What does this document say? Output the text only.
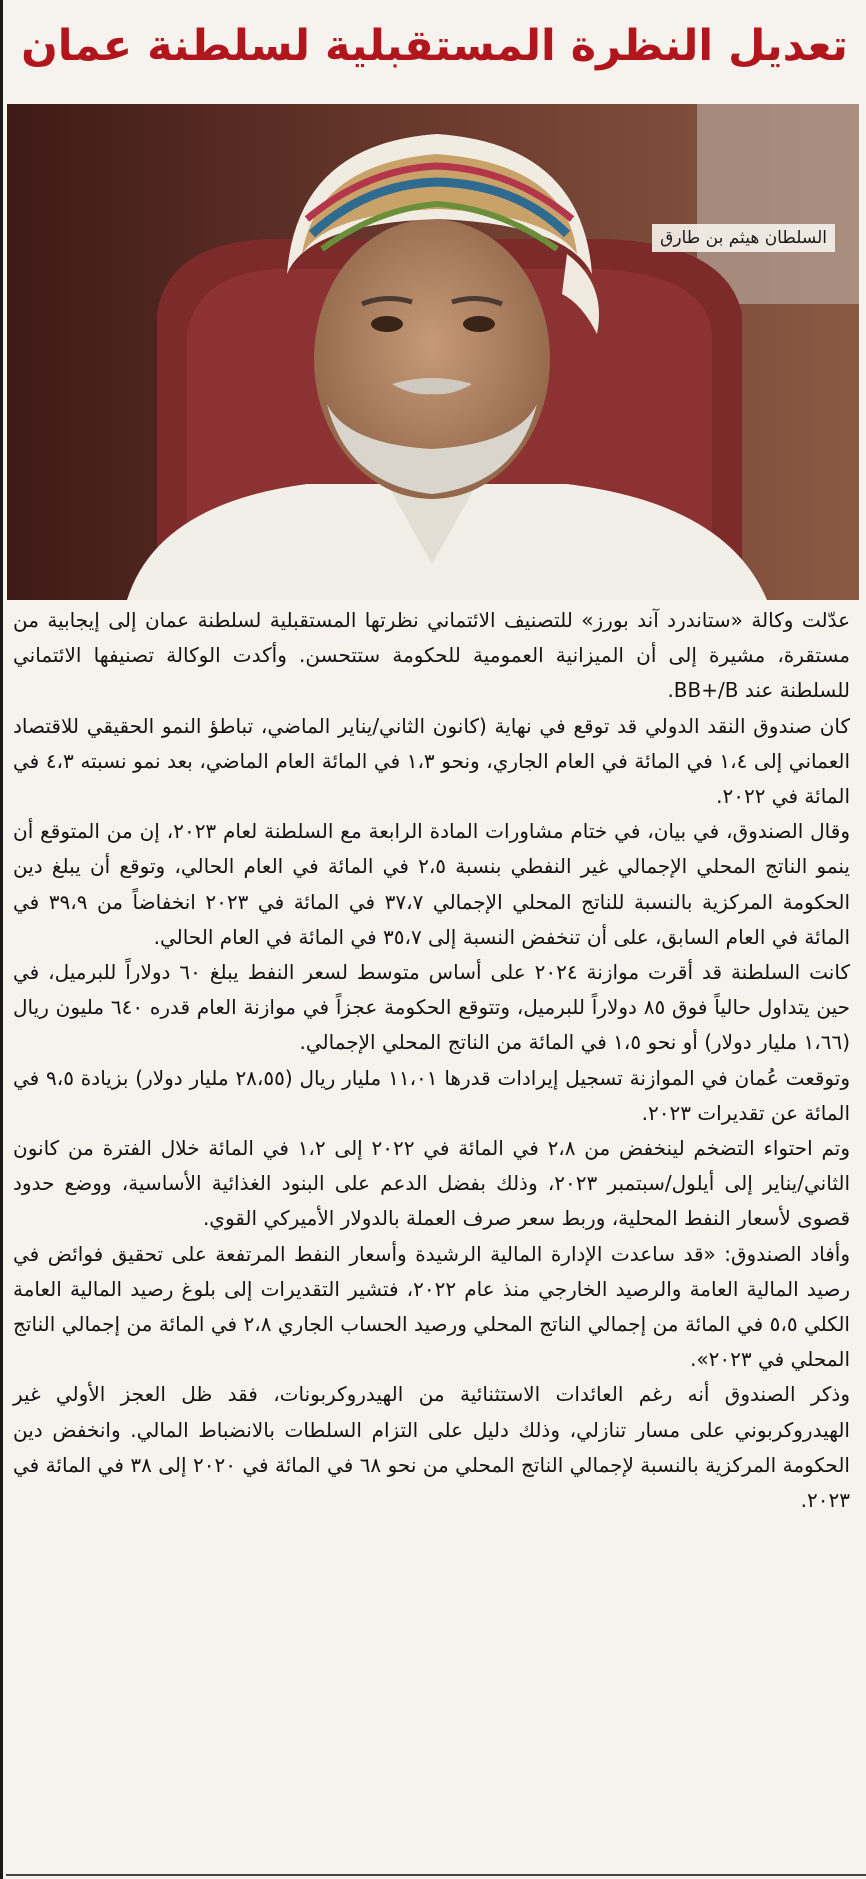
تعديل النظرة المستقبلية لسلطنة عمان
السلطان هيثم بن طارق

عدّلت وكالة «ستاندرد آند بورز» للتصنيف الائتماني نظرتها المستقبلية لسلطنة عمان إلى إيجابية من مستقرة، مشيرة إلى أن الميزانية العمومية للحكومة ستتحسن. وأكدت الوكالة تصنيفها الائتماني للسلطنة عند BB+/B.

كان صندوق النقد الدولي قد توقع في نهاية (كانون الثاني/يناير الماضي، تباطؤ النمو الحقيقي للاقتصاد العماني إلى ١،٤ في المائة في العام الجاري، ونحو ١،٣ في المائة العام الماضي، بعد نمو نسبته ٤،٣ في المائة في ٢٠٢٢.

وقال الصندوق، في بيان، في ختام مشاورات المادة الرابعة مع السلطنة لعام ٢٠٢٣، إن من المتوقع أن ينمو الناتج المحلي الإجمالي غير النفطي بنسبة ٢،٥ في المائة في العام الحالي، وتوقع أن يبلغ دين الحكومة المركزية بالنسبة للناتج المحلي الإجمالي ٣٧،٧ في المائة في ٢٠٢٣ انخفاضاً من ٣٩،٩ في المائة في العام السابق، على أن تنخفض النسبة إلى ٣٥،٧ في المائة في العام الحالي.

كانت السلطنة قد أقرت موازنة ٢٠٢٤ على أساس متوسط لسعر النفط يبلغ ٦٠ دولاراً للبرميل، في حين يتداول حالياً فوق ٨٥ دولاراً للبرميل، وتتوقع الحكومة عجزاً في موازنة العام قدره ٦٤٠ مليون ريال (١،٦٦ مليار دولار) أو نحو ١،٥ في المائة من الناتج المحلي الإجمالي.

وتوقعت عُمان في الموازنة تسجيل إيرادات قدرها ١١،٠١ مليار ريال (٢٨،٥٥ مليار دولار) بزيادة ٩،٥ في المائة عن تقديرات ٢٠٢٣.

وتم احتواء التضخم لينخفض من ٢،٨ في المائة في ٢٠٢٢ إلى ١،٢ في المائة خلال الفترة من كانون الثاني/يناير إلى أيلول/سبتمبر ٢٠٢٣، وذلك بفضل الدعم على البنود الغذائية الأساسية، ووضع حدود قصوى لأسعار النفط المحلية، وربط سعر صرف العملة بالدولار الأميركي القوي.

وأفاد الصندوق: «قد ساعدت الإدارة المالية الرشيدة وأسعار النفط المرتفعة على تحقيق فوائض في رصيد المالية العامة والرصيد الخارجي منذ عام ٢٠٢٢، فتشير التقديرات إلى بلوغ رصيد المالية العامة الكلي ٥،٥ في المائة من إجمالي الناتج المحلي ورصيد الحساب الجاري ٢،٨ في المائة من إجمالي الناتج المحلي في ٢٠٢٣».

وذكر الصندوق أنه رغم العائدات الاستثنائية من الهيدروكربونات، فقد ظل العجز الأولي غير الهيدروكربوني على مسار تنازلي، وذلك دليل على التزام السلطات بالانضباط المالي. وانخفض دين الحكومة المركزية بالنسبة لإجمالي الناتج المحلي من نحو ٦٨ في المائة في ٢٠٢٠ إلى ٣٨ في المائة في ٢٠٢٣.
